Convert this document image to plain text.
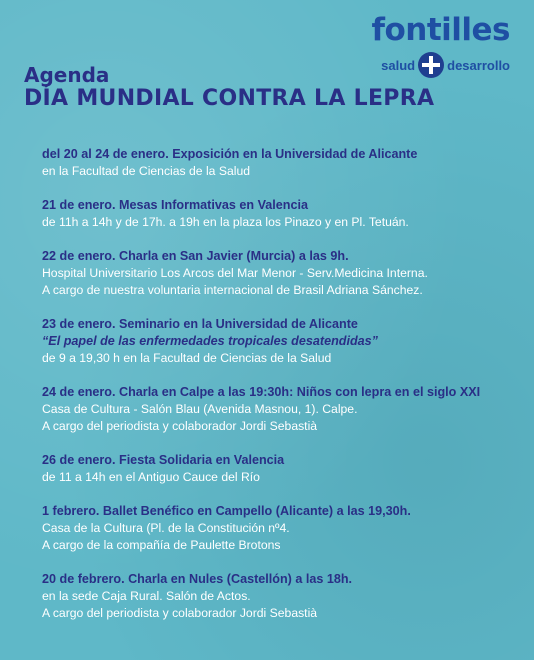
fontilles
salud desarrollo
Agenda
DÍA MUNDIAL CONTRA LA LEPRA
del 20 al 24 de enero. Exposición en la Universidad de Alicante
en la Facultad de Ciencias de la Salud
21 de enero. Mesas Informativas en Valencia
de 11h a 14h y de 17h. a 19h en la plaza los Pinazo y en Pl. Tetuán.
22 de enero. Charla en San Javier (Murcia) a las 9h.
Hospital Universitario Los Arcos del Mar Menor - Serv.Medicina Interna.
A cargo de nuestra voluntaria internacional de Brasil Adriana Sánchez.
23 de enero. Seminario en la Universidad de Alicante
“El papel de las enfermedades tropicales desatendidas”
de 9 a 19,30 h en la Facultad de Ciencias de la Salud
24 de enero. Charla en Calpe a las 19:30h: Niños con lepra en el siglo XXI
Casa de Cultura - Salón Blau (Avenida Masnou, 1). Calpe.
A cargo del periodista y colaborador Jordi Sebastià
26 de enero. Fiesta Solidaria en Valencia
de 11 a 14h en el Antiguo Cauce del Río
1 febrero. Ballet Benéfico en Campello (Alicante) a las 19,30h.
Casa de la Cultura (Pl. de la Constitución nº4.
A cargo de la compañía de Paulette Brotons
20 de febrero. Charla en Nules (Castellón) a las 18h.
en la sede Caja Rural. Salón de Actos.
A cargo del periodista y colaborador Jordi Sebastià
